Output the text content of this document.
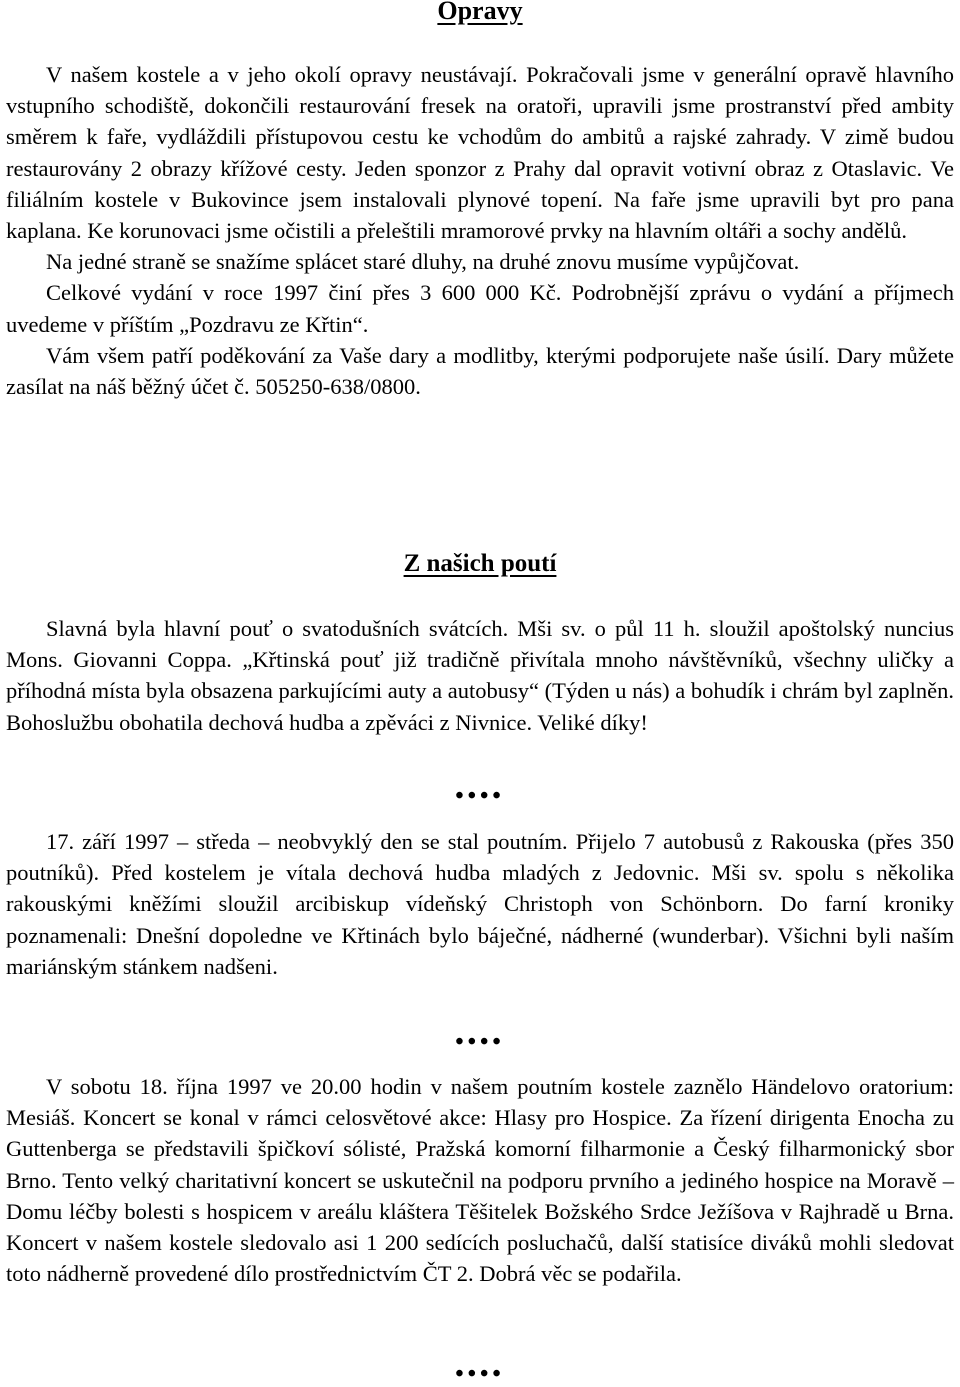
Opravy

V našem kostele a v jeho okolí opravy neustávají. Pokračovali jsme v generální opravě hlavního vstupního schodiště, dokončili restaurování fresek na oratoři, upravili jsme prostranství před ambity směrem k faře, vydláždili přístupovou cestu ke vchodům do ambitů a rajské zahrady. V zimě budou restaurovány 2 obrazy křížové cesty. Jeden sponzor z Prahy dal opravit votivní obraz z Otaslavic. Ve filiálním kostele v Bukovince jsem instalovali plynové topení. Na faře jsme upravili byt pro pana kaplana. Ke korunovaci jsme očistili a přeleštili mramorové prvky na hlavním oltáři a sochy andělů.

Na jedné straně se snažíme splácet staré dluhy, na druhé znovu musíme vypůjčovat.

Celkové vydání v roce 1997 činí přes 3 600 000 Kč. Podrobnější zprávu o vydání a příjmech uvedeme v příštím „Pozdravu ze Křtin“.

Vám všem patří poděkování za Vaše dary a modlitby, kterými podporujete naše úsilí. Dary můžete zasílat na náš běžný účet č. 505250-638/0800.

Z našich poutí

Slavná byla hlavní pouť o svatodušních svátcích. Mši sv. o půl 11 h. sloužil apoštolský nuncius Mons. Giovanni Coppa. „Křtinská pouť již tradičně přivítala mnoho návštěvníků, všechny uličky a příhodná místa byla obsazena parkujícími auty a autobusy“ (Týden u nás) a bohudík i chrám byl zaplněn. Bohoslužbu obohatila dechová hudba a zpěváci z Nivnice. Veliké díky!

••••

17. září 1997 – středa – neobvyklý den se stal poutním. Přijelo 7 autobusů z Rakouska (přes 350 poutníků). Před kostelem je vítala dechová hudba mladých z Jedovnic. Mši sv. spolu s několika rakouskými kněžími sloužil arcibiskup vídeňský Christoph von Schönborn. Do farní kroniky poznamenali: Dnešní dopoledne ve Křtinách bylo báječné, nádherné (wunderbar). Všichni byli naším mariánským stánkem nadšeni.

••••

V sobotu 18. října 1997 ve 20.00 hodin v našem poutním kostele zaznělo Händelovo oratorium: Mesiáš. Koncert se konal v rámci celosvětové akce: Hlasy pro Hospice. Za řízení dirigenta Enocha zu Guttenberga se představili špičkoví sólisté, Pražská komorní filharmonie a Český filharmonický sbor Brno. Tento velký charitativní koncert se uskutečnil na podporu prvního a jediného hospice na Moravě – Domu léčby bolesti s hospicem v areálu kláštera Těšitelek Božského Srdce Ježíšova v Rajhradě u Brna. Koncert v našem kostele sledovalo asi 1 200 sedících posluchačů, další statisíce diváků mohli sledovat toto nádherně provedené dílo prostřednictvím ČT 2. Dobrá věc se podařila.

••••
